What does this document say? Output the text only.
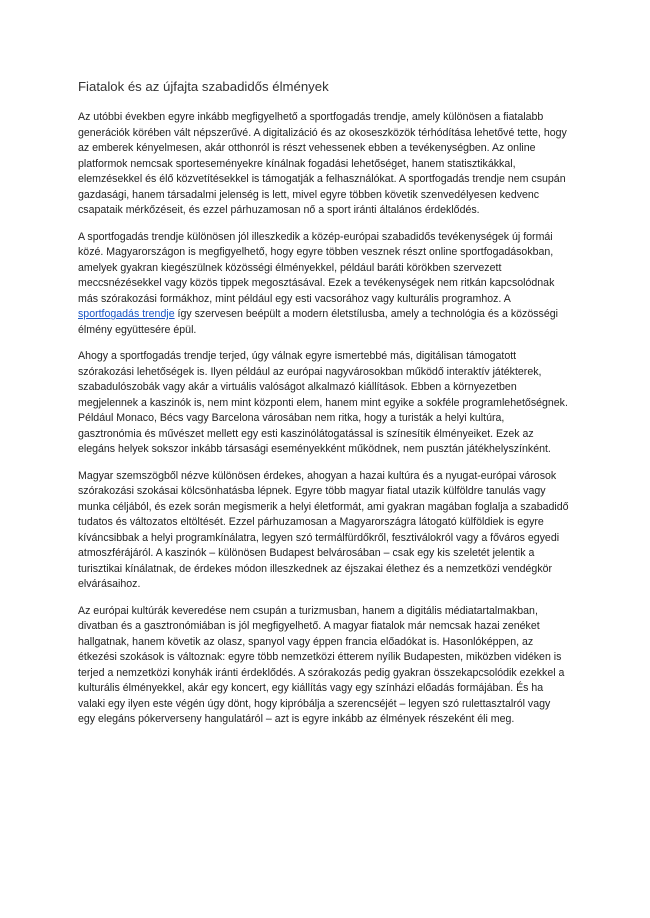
Fiatalok és az újfajta szabadidős élmények

Az utóbbi években egyre inkább megfigyelhető a sportfogadás trendje, amely különösen a fiatalabb generációk körében vált népszerűvé. A digitalizáció és az okoseszközök térhódítása lehetővé tette, hogy az emberek kényelmesen, akár otthonról is részt vehessenek ebben a tevékenységben. Az online platformok nemcsak sporteseményekre kínálnak fogadási lehetőséget, hanem statisztikákkal, elemzésekkel és élő közvetítésekkel is támogatják a felhasználókat. A sportfogadás trendje nem csupán gazdasági, hanem társadalmi jelenség is lett, mivel egyre többen követik szenvedélyesen kedvenc csapataik mérkőzéseit, és ezzel párhuzamosan nő a sport iránti általános érdeklődés.

A sportfogadás trendje különösen jól illeszkedik a közép-európai szabadidős tevékenységek új formái közé. Magyarországon is megfigyelhető, hogy egyre többen vesznek részt online sportfogadásokban, amelyek gyakran kiegészülnek közösségi élményekkel, például baráti körökben szervezett meccsnézésekkel vagy közös tippek megosztásával. Ezek a tevékenységek nem ritkán kapcsolódnak más szórakozási formákhoz, mint például egy esti vacsorához vagy kulturális programhoz. A sportfogadás trendje így szervesen beépült a modern életstílusba, amely a technológia és a közösségi élmény együttesére épül.

Ahogy a sportfogadás trendje terjed, úgy válnak egyre ismertebbé más, digitálisan támogatott szórakozási lehetőségek is. Ilyen például az európai nagyvárosokban működő interaktív játékterek, szabadulószobák vagy akár a virtuális valóságot alkalmazó kiállítások. Ebben a környezetben megjelennek a kaszinók is, nem mint központi elem, hanem mint egyike a sokféle programlehetőségnek. Például Monaco, Bécs vagy Barcelona városában nem ritka, hogy a turisták a helyi kultúra, gasztronómia és művészet mellett egy esti kaszinólátogatással is színesítik élményeiket. Ezek az elegáns helyek sokszor inkább társasági eseményekként működnek, nem pusztán játékhelyszínként.

Magyar szemszögből nézve különösen érdekes, ahogyan a hazai kultúra és a nyugat-európai városok szórakozási szokásai kölcsönhatásba lépnek. Egyre több magyar fiatal utazik külföldre tanulás vagy munka céljából, és ezek során megismerik a helyi életformát, ami gyakran magában foglalja a szabadidő tudatos és változatos eltöltését. Ezzel párhuzamosan a Magyarországra látogató külföldiek is egyre kíváncsibbak a helyi programkínálatra, legyen szó termálfürdőkről, fesztiválokról vagy a főváros egyedi atmoszférájáról. A kaszinók – különösen Budapest belvárosában – csak egy kis szeletét jelentik a turisztikai kínálatnak, de érdekes módon illeszkednek az éjszakai élethez és a nemzetközi vendégkör elvárásaihoz.

Az európai kultúrák keveredése nem csupán a turizmusban, hanem a digitális médiatartalmakban, divatban és a gasztronómiában is jól megfigyelhető. A magyar fiatalok már nemcsak hazai zenéket hallgatnak, hanem követik az olasz, spanyol vagy éppen francia előadókat is. Hasonlóképpen, az étkezési szokások is változnak: egyre több nemzetközi étterem nyílik Budapesten, miközben vidéken is terjed a nemzetközi konyhák iránti érdeklődés. A szórakozás pedig gyakran összekapcsolódik ezekkel a kulturális élményekkel, akár egy koncert, egy kiállítás vagy egy színházi előadás formájában. És ha valaki egy ilyen este végén úgy dönt, hogy kipróbálja a szerencséjét – legyen szó rulettasztalról vagy egy elegáns pókerverseny hangulatáról – azt is egyre inkább az élmények részeként éli meg.
